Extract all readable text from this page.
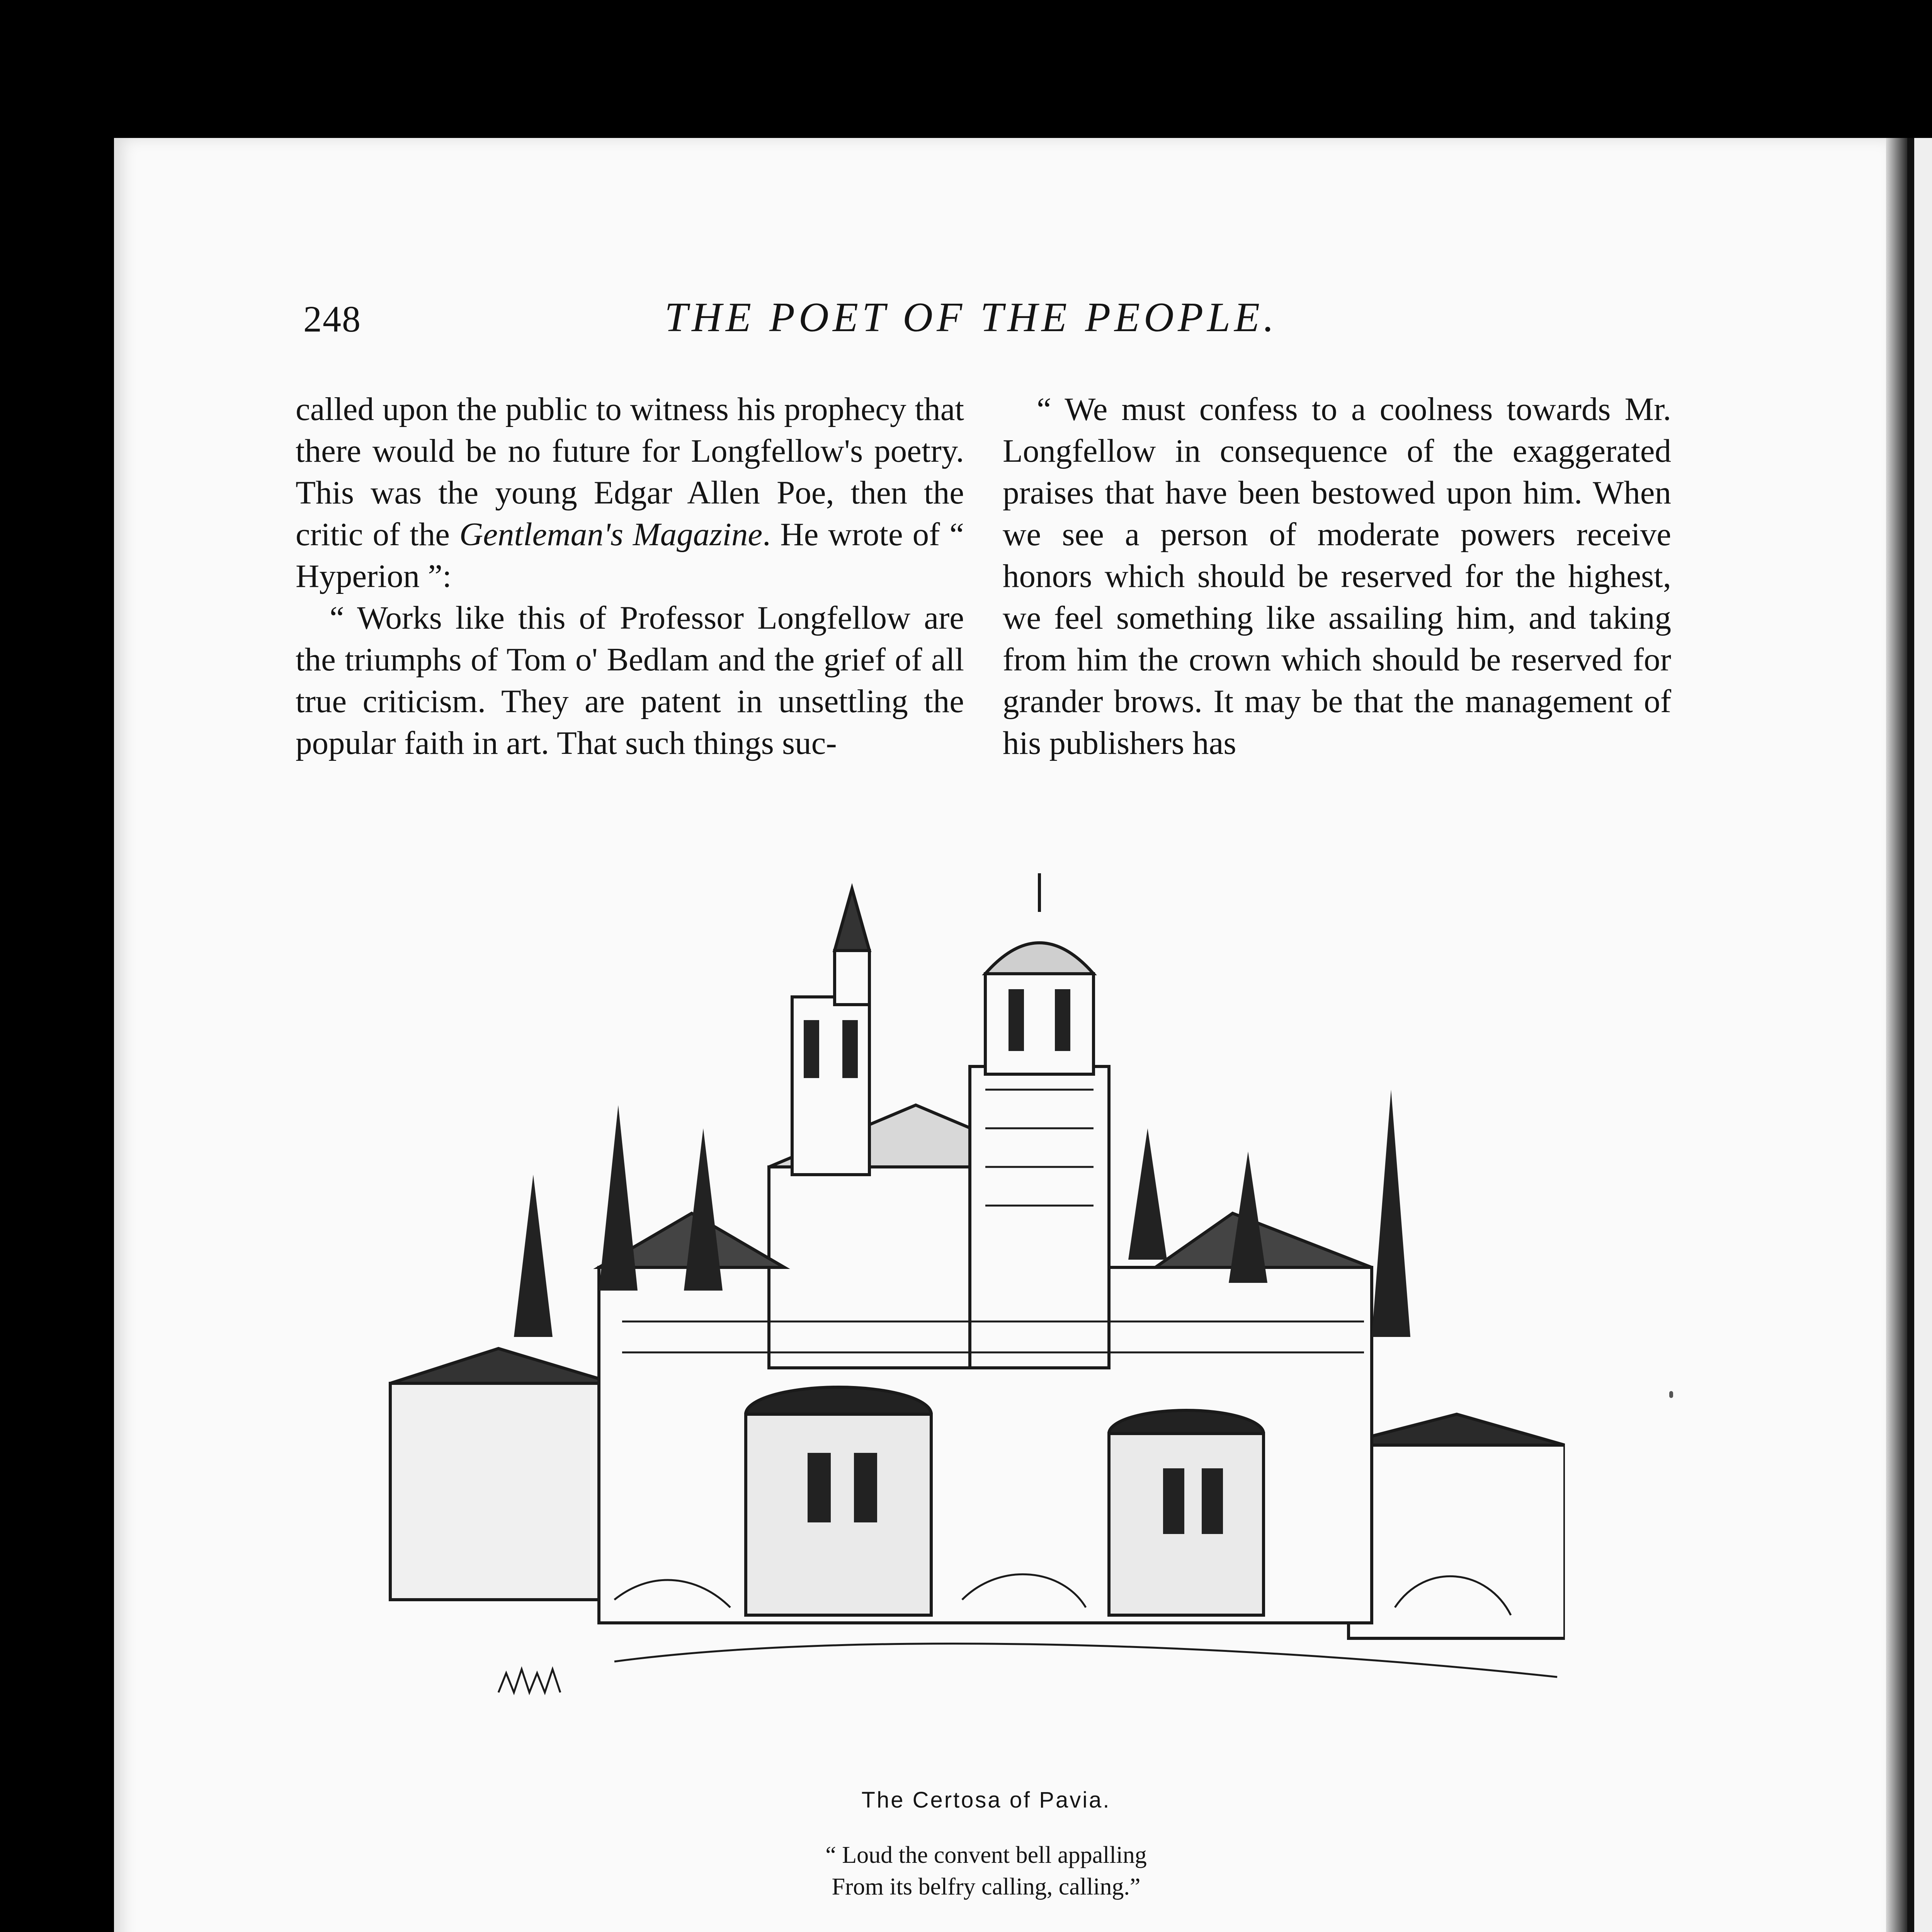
248	THE POET OF THE PEOPLE.

called upon the public to witness his prophecy that there would be no future for Longfellow's poetry. This was the young Edgar Allen Poe, then the critic of the Gentleman's Magazine. He wrote of “ Hyperion ”:

“ Works like this of Professor Longfellow are the triumphs of Tom o' Bedlam and the grief of all true criticism. They are patent in unsettling the popular faith in art. That such things suc-

“ We must confess to a coolness towards Mr. Longfellow in consequence of the exaggerated praises that have been bestowed upon him. When we see a person of moderate powers receive honors which should be reserved for the highest, we feel something like assailing him, and taking from him the crown which should be reserved for grander brows. It may be that the management of his publishers has

The Certosa of Pavia.
“ Loud the convent bell appalling
From its belfry calling, calling.”
